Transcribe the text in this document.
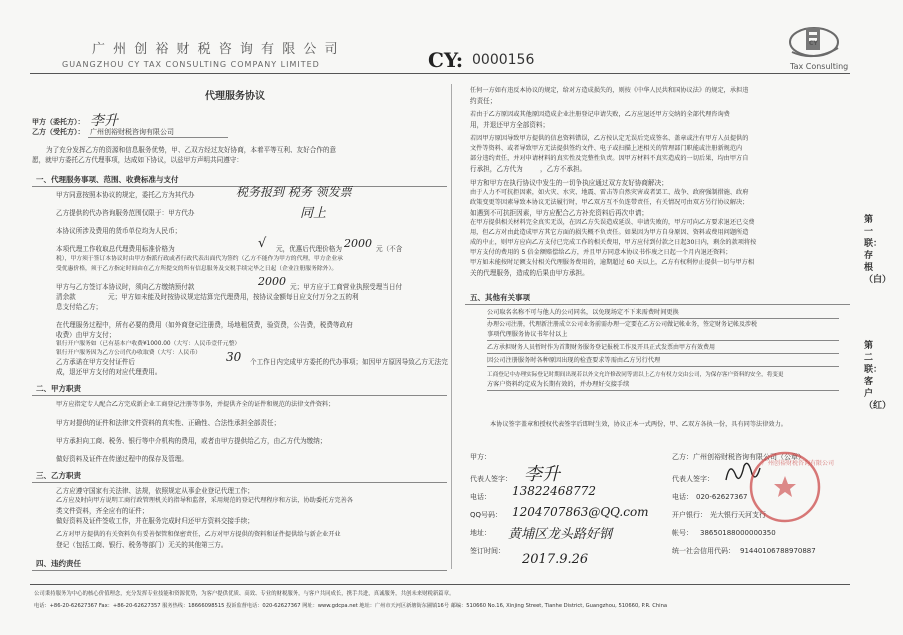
广 州 创 裕 财 税 咨 询 有 限 公 司
GUANGZHOU CY TAX CONSULTING COMPANY LIMITED	CY: 0000156
CY
Tax Consulting
代理服务协议
甲方（委托方）： 李升
乙方（受托方）： 广州创裕财税咨询有限公司
为了充分发挥乙方的资源和信息服务优势，甲、乙双方经过友好协商，本着平等互利、友好合作的意
愿，就甲方委托乙方代理事项，达成如下协议，以兹甲方声明共同遵守：
一、代理服务事项、范围、收费标准与支付
甲方同意按照本协议的规定，委托乙方为其代办	税务报到 税务 领发票
乙方提供的代办咨询服务范围仅限于：甲方代办	同上
本协议所涉及费用的货币单位均为人民币；
本项代理工作收取总代理费用标准价格为	√ 元，优惠后代理价格为 2000 元（不含
税），甲方须于签订本协议时由甲方指派行政或者行政代表出面代为签约（乙方不能作为甲方的代理，甲方企业承
受优惠价格，须于乙方指定时间由在乙方所提交的所有信息服务及交税手续完毕之日起（企业注册服务除外）。
甲方与乙方签订本协议时，须向乙方缴纳预付款	2000 元；甲方应于工商营业执照受理当日付
清余款	元；甲方如未能及时按协议规定结算完代理费用，按协议金额每日应支付万分之五的利
息支付给乙方；
在代理服务过程中，所有必要的费用（如外商登记注册费，场地租赁费，验资费，公告费，税费等政府
收费）由甲方支付；
银行开户服务如（已有基本户收费¥1000.00（大写：人民币壹仟元整）
银行开户服务因为乙方公司代办收取费（大写：人民币）
乙方承诺在甲方交付证件后	30 个工作日内完成甲方委托的代办事项；如因甲方原因导致乙方无法完
成，退还甲方支付的对应代理费用。
二、甲方职责
甲方应指定专人配合乙方完成新企业工商登记注册等事务，并提供齐全的证件和规范的法律文件资料；
甲方对提供的证件和法律文件资料的真实性、正确性、合法性承担全部责任；
甲方承担向工商、税务、银行等中介机构的费用，或者由甲方提供给乙方，由乙方代为缴纳；
做好资料及证件在传递过程中的保存及管理。
三、乙方职责
乙方应遵守国家有关法律、法规，依照规定从事企业登记代理工作；
乙方应及时向甲方说明工商行政管理机关的指导和监督，采用规范的登记代理程序和方法，协助委托方完善各
类文件资料，齐全应有的证件；
做好资料及证件签收工作，并在服务完成时归还甲方资料交接手续；
乙方对甲方提供的有关资料负有妥善保管和保密责任，乙方对甲方提供的资料和证件提供给与新企业开业
登记（包括工商、银行、税务等部门）无关的其他第三方。
四、违约责任
任何一方如有违反本协议的规定，给对方造成损失的，则按《中华人民共和国协议法》的规定，承担违
约责任；
若由于乙方原因或其他原因造成企业注册登记申请失败，乙方应退还甲方交纳的全部代理咨询费
用，并退还甲方全部资料；
若因甲方原因导致甲方提供的信息资料错误，乙方按认定无误后完成签名、盖章或注有甲方人员提供的
文件等资料、或者导致甲方无法提供签约文件、电子或扫描上述相关的管理部门职能或注册新规范内
部分违约责任，并对申请材料的真实性及完整性负责。因甲方材料不真实造成的一切后果，均由甲方自
行承担，乙方代为	，乙方不承担。
甲方和甲方在执行协议中发生的一切争执应通过双方友好协商解决；
由于人力不可抗拒因素，如火灾、水灾、地震、雷击等自然灾害或者罢工、战争、政府强制措施、政府
政策变更等因素导致本协议无法履行时，甲乙双方互不负连带责任，有关情况可由双方另行协议解决；
如遇到不可抗拒因素，甲方应配合乙方补充资料后再次申请；
在甲方提供相关材料完全真实无误，在因乙方失误造成延误、申请失败的，甲方可向乙方要求退还已交费
用，但乙方对由此造成甲方其它方面的损失概不负责任。如果因为甲方自身原因、资料或费用问题所造
成的中止，则甲方应向乙方支付已完成工作的相关费用，甲方应付到付款之日起30日内，剩余的款项将按
甲方支付的费用的 5 倍金额赔偿给乙方，并且甲方同意本协议书作废之日起一个月内退还资料；
甲方如未能按时足额支付相关代理服务费用的，逾期超过 60 天以上，乙方有权利停止提供一切与甲方相
关的代理服务，造成的后果由甲方承担。
五、其他有关事项
公司取名名称不可与他人的公司同名，以免现场定不下来需费时间更换
办理公司注册，代理新注册成立公司业务前需办理一定要在乙方公司做记帐业务，签定财务记帐及涉税
事项代理服务协议书年付以上
乙方承担财务人员暂时作为首期财务服务登记报税工作及开具正式发票由甲方有效费用
因公司注册服务时各种原因出现的检查要求等需由乙方另行代理
工商登记中办理实际登记时期间出现若以外文允许修改同等需以上乙方有权力交由公司，为保存客户资料的安全，将变更
方客户资料约定成为长期有效的，并办理好交接手续
本协议签字盖章和授权代表签字后即时生效，协议正本一式两份，甲、乙双方各执一份，具有同等法律效力。
甲方：
代表人签字： 李升
电话： 13822468772
QQ号码： 1204707863@QQ.com
地址： 黄埔区龙头路好钢
签订时间：
2017.9.26
乙方：广州创裕财税咨询有限公司（公章）
代表人签字：
电话： 020-62627367
开户银行： 光大银行天河支行
帐号： 38650188000000350
统一社会信用代码： 91440106788970887
广州创裕财税咨询有限公司
第一联：存根（白）
第二联：客户（红）
公司秉持服务为中心的核心价值理念，充分发挥专业技能和资源优势，为客户提供优质、高效、专业的财税服务，与客户共同成长，携手共进，真诚服务，共创未来财税新篇章。
电话：+86-20-62627367 Fax：+86-20-62627357 服务热线：18666098515 投诉监督电话：020-62627367 网址：www.gdcpa.net 地址：广州市天河区新塘街东圃镇16号 邮编：510660 No.16, Xinjing Street, Tianhe District, Guangzhou, 510660, P.R. China
